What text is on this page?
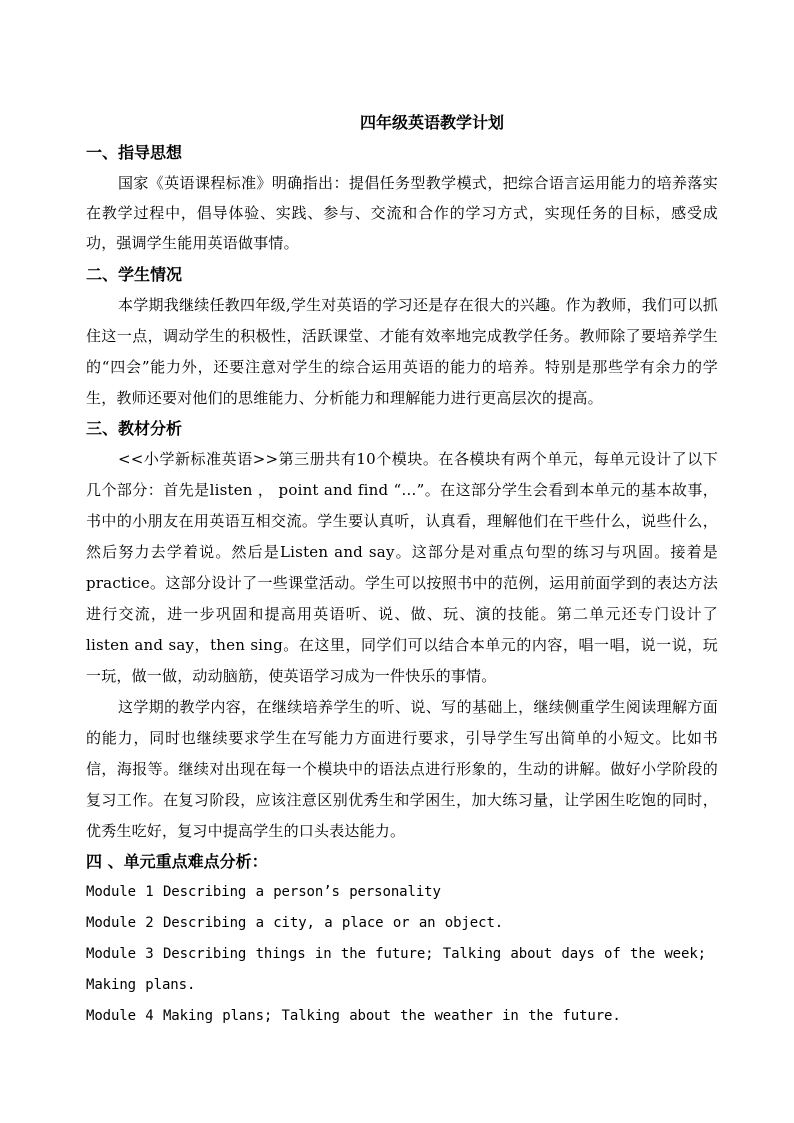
四年级英语教学计划
一、指导思想

国家《英语课程标准》明确指出：提倡任务型教学模式，把综合语言运用能力的培养落实在教学过程中，倡导体验、实践、参与、交流和合作的学习方式，实现任务的目标，感受成功，强调学生能用英语做事情。

二、学生情况

本学期我继续任教四年级,学生对英语的学习还是存在很大的兴趣。作为教师，我们可以抓住这一点，调动学生的积极性，活跃课堂、才能有效率地完成教学任务。教师除了要培养学生的“四会”能力外，还要注意对学生的综合运用英语的能力的培养。特别是那些学有余力的学生，教师还要对他们的思维能力、分析能力和理解能力进行更高层次的提高。

三、教材分析

<<小学新标准英语>>第三册共有10个模块。在各模块有两个单元，每单元设计了以下几个部分：首先是listen ， point and find “…”。在这部分学生会看到本单元的基本故事，书中的小朋友在用英语互相交流。学生要认真听，认真看，理解他们在干些什么，说些什么，然后努力去学着说。然后是Listen and say。这部分是对重点句型的练习与巩固。接着是practice。这部分设计了一些课堂活动。学生可以按照书中的范例，运用前面学到的表达方法进行交流，进一步巩固和提高用英语听、说、做、玩、演的技能。第二单元还专门设计了 listen and say，then sing。在这里，同学们可以结合本单元的内容，唱一唱，说一说，玩一玩，做一做，动动脑筋，使英语学习成为一件快乐的事情。

这学期的教学内容，在继续培养学生的听、说、写的基础上，继续侧重学生阅读理解方面的能力，同时也继续要求学生在写能力方面进行要求，引导学生写出简单的小短文。比如书信，海报等。继续对出现在每一个模块中的语法点进行形象的，生动的讲解。做好小学阶段的复习工作。在复习阶段，应该注意区别优秀生和学困生，加大练习量，让学困生吃饱的同时，优秀生吃好，复习中提高学生的口头表达能力。

四 、单元重点难点分析：

Module 1 Describing a person’s personality

Module 2 Describing a city, a place or an object.

Module 3 Describing things in the future; Talking about days of the week; Making plans.

Module 4 Making plans; Talking about the weather in the future.
